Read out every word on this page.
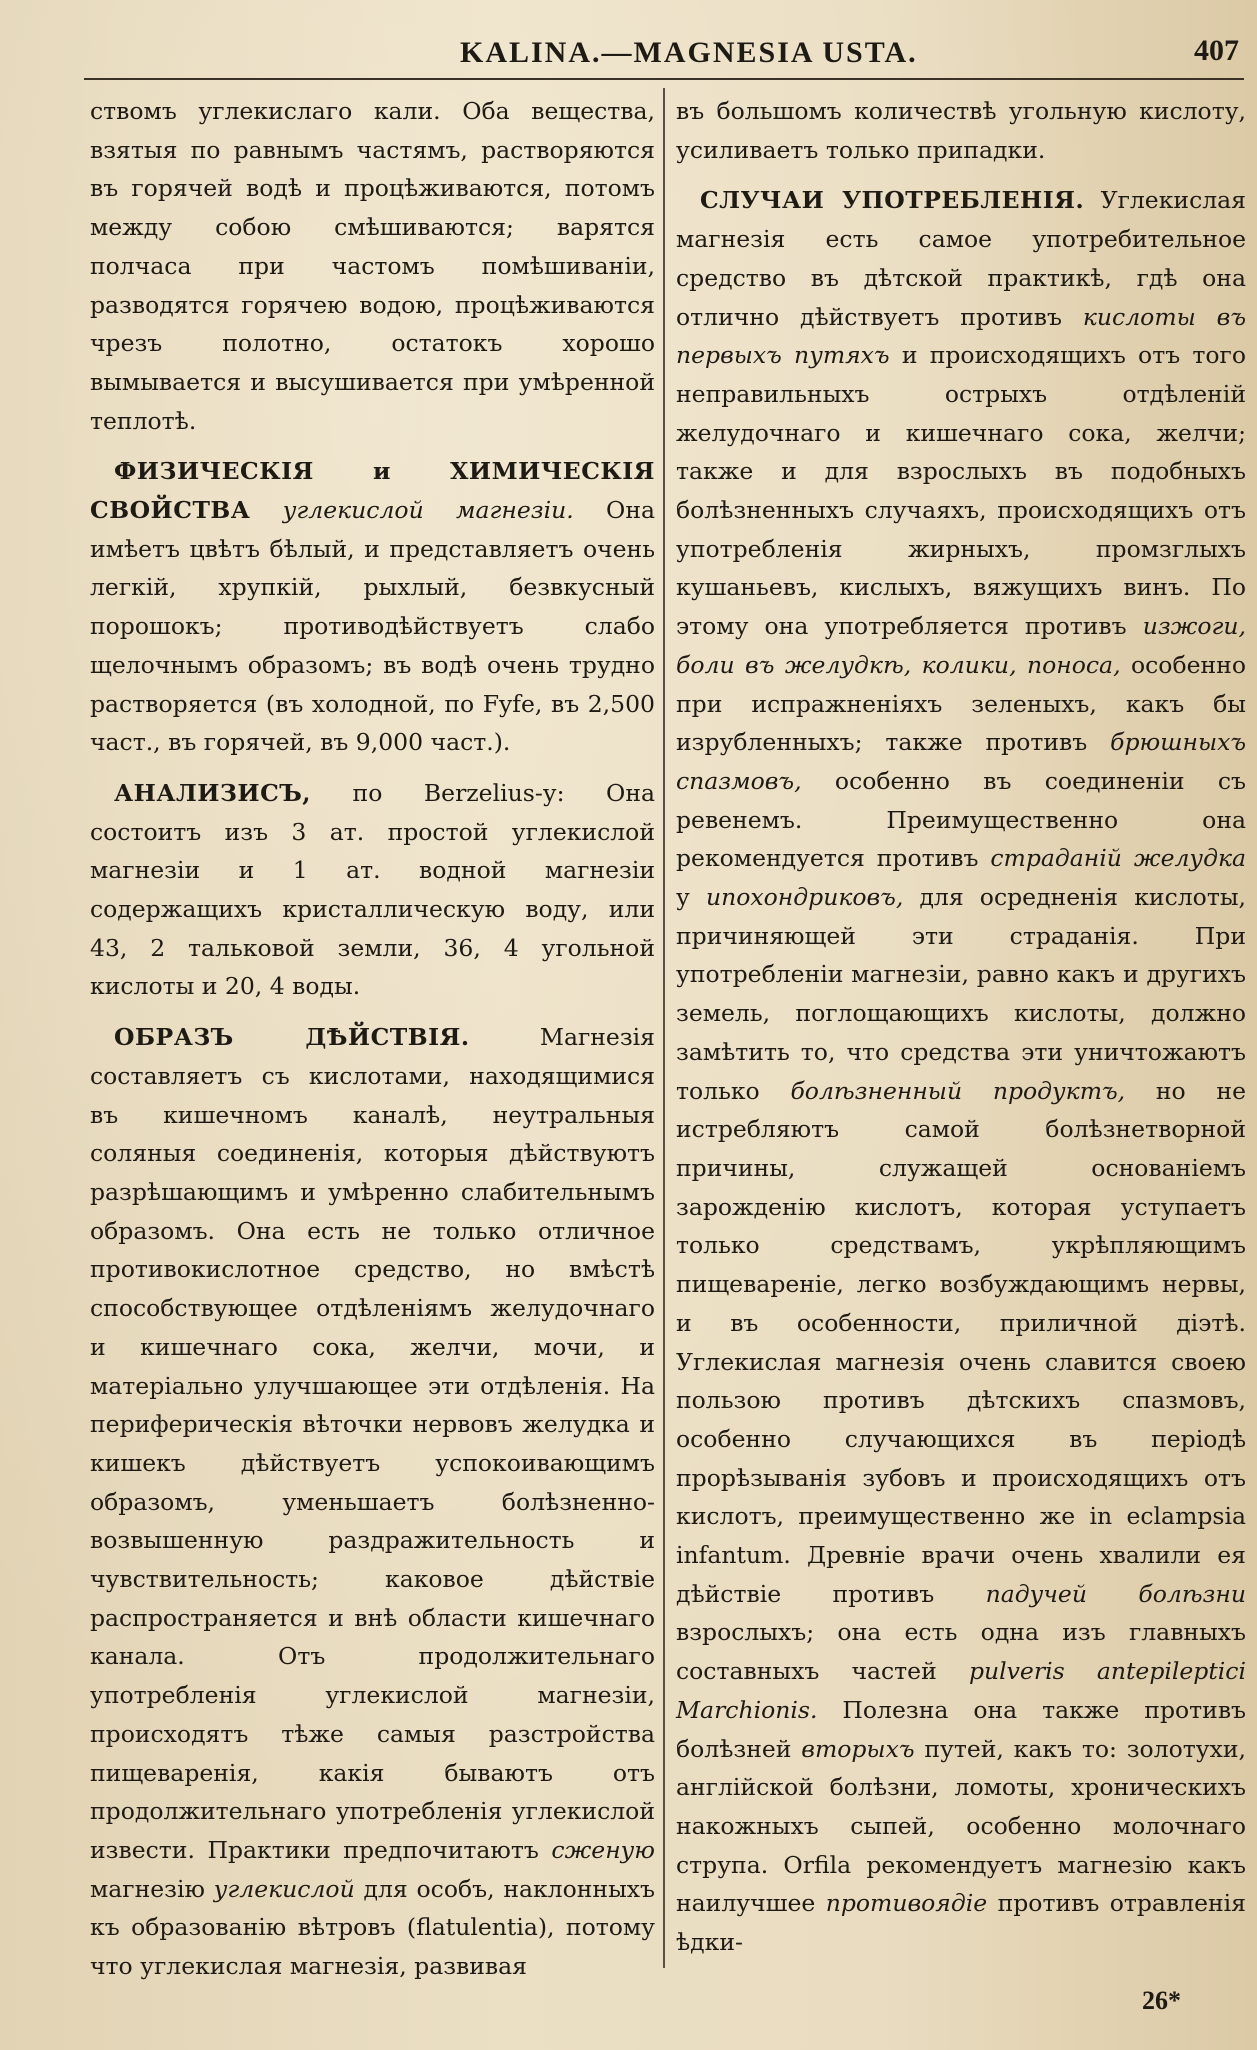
KALINA.—MAGNESIA USTA.	407

ствомъ углекислаго кали. Оба вещества, взятыя по равнымъ частямъ, растворяются въ горячей водѣ и процѣживаются, потомъ между собою смѣшиваются; варятся полчаса при частомъ помѣшиваніи, разводятся горячею водою, процѣживаются чрезъ полотно, остатокъ хорошо вымывается и высушивается при умѣренной теплотѣ.

ФИЗИЧЕСКІЯ и ХИМИЧЕСКІЯ СВОЙСТВА углекислой магнезіи. Она имѣетъ цвѣтъ бѣлый, и представляетъ очень легкій, хрупкій, рыхлый, безвкусный порошокъ; противодѣйствуетъ слабо щелочнымъ образомъ; въ водѣ очень трудно растворяется (въ холодной, по Fyfe, въ 2,500 част., въ горячей, въ 9,000 част.).

АНАЛИЗИСЪ, по Berzelius-у: Она состоитъ изъ 3 ат. простой углекислой магнезіи и 1 ат. водной магнезіи содержащихъ кристаллическую воду, или 43, 2 тальковой земли, 36, 4 угольной кислоты и 20, 4 воды.

ОБРАЗЪ ДѢЙСТВІЯ. Магнезія составляетъ съ кислотами, находящимися въ кишечномъ каналѣ, неутральныя соляныя соединенія, которыя дѣйствуютъ разрѣшающимъ и умѣренно слабительнымъ образомъ. Она есть не только отличное противокислотное средство, но вмѣстѣ способствующее отдѣленіямъ желудочнаго и кишечнаго сока, желчи, мочи, и матеріально улучшающее эти отдѣленія. На периферическія вѣточки нервовъ желудка и кишекъ дѣйствуетъ успокоивающимъ образомъ, уменьшаетъ болѣзненно-возвышенную раздражительность и чувствительность; каковое дѣйствіе распространяется и внѣ области кишечнаго канала. Отъ продолжительнаго употребленія углекислой магнезіи, происходятъ тѣже самыя разстройства пищеваренія, какія бываютъ отъ продолжительнаго употребленія углекислой извести. Практики предпочитаютъ сженую магнезію углекислой для особъ, наклонныхъ къ образованію вѣтровъ (flatulentia), потому что углекислая магнезія, развивая

въ большомъ количествѣ угольную кислоту, усиливаетъ только припадки.

СЛУЧАИ УПОТРЕБЛЕНІЯ. Углекислая магнезія есть самое употребительное средство въ дѣтской практикѣ, гдѣ она отлично дѣйствуетъ противъ кислоты въ первыхъ путяхъ и происходящихъ отъ того неправильныхъ острыхъ отдѣленій желудочнаго и кишечнаго сока, желчи; также и для взрослыхъ въ подобныхъ болѣзненныхъ случаяхъ, происходящихъ отъ употребленія жирныхъ, промзглыхъ кушаньевъ, кислыхъ, вяжущихъ винъ. По этому она употребляется противъ изжоги, боли въ желудкѣ, колики, поноса, особенно при испражненіяхъ зеленыхъ, какъ бы изрубленныхъ; также противъ брюшныхъ спазмовъ, особенно въ соединеніи съ ревенемъ. Преимущественно она рекомендуется противъ страданій желудка у ипохондриковъ, для осредненія кислоты, причиняющей эти страданія. При употребленіи магнезіи, равно какъ и другихъ земель, поглощающихъ кислоты, должно замѣтить то, что средства эти уничтожаютъ только болѣзненный продуктъ, но не истребляютъ самой болѣзнетворной причины, служащей основаніемъ зарожденію кислотъ, которая уступаетъ только средствамъ, укрѣпляющимъ пищевареніе, легко возбуждающимъ нервы, и въ особенности, приличной діэтѣ. Углекислая магнезія очень славится своею пользою противъ дѣтскихъ спазмовъ, особенно случающихся въ періодѣ прорѣзыванія зубовъ и происходящихъ отъ кислотъ, преимущественно же in eclampsia infantum. Древніе врачи очень хвалили ея дѣйствіе противъ падучей болѣзни взрослыхъ; она есть одна изъ главныхъ составныхъ частей pulveris antepileptici Marchionis. Полезна она также противъ болѣзней вторыхъ путей, какъ то: золотухи, англійской болѣзни, ломоты, хроническихъ накожныхъ сыпей, особенно молочнаго струпа. Orfila рекомендуетъ магнезію какъ наилучшее противоядіе противъ отравленія ѣдки-

26*
